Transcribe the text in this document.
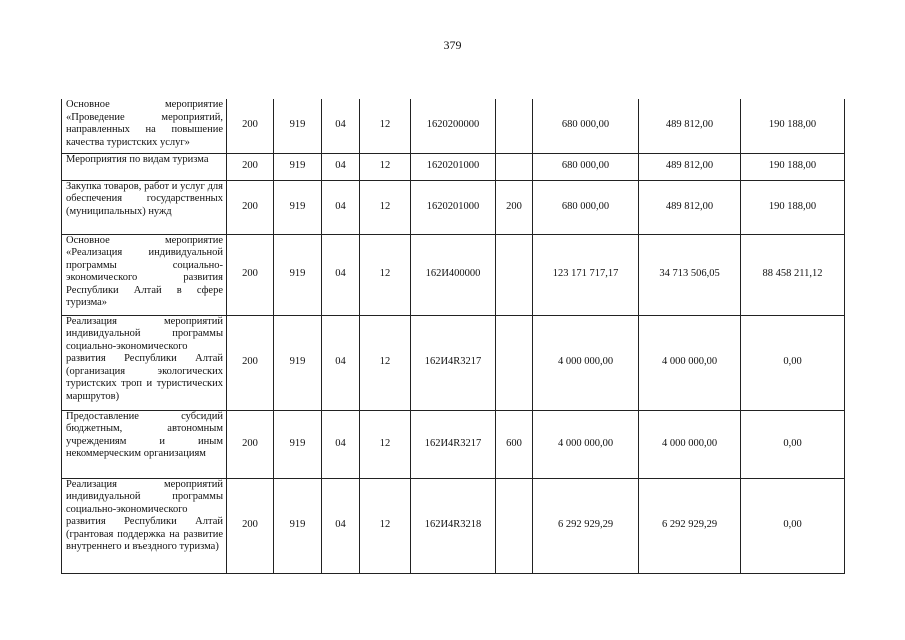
379
Основное мероприятие «Проведение мероприятий, направленных на повышение качества туристских услуг»	200	919	04	12	1620200000		680 000,00	489 812,00	190 188,00
Мероприятия по видам туризма	200	919	04	12	1620201000		680 000,00	489 812,00	190 188,00
Закупка товаров, работ и услуг для обеспечения государственных (муниципальных) нужд	200	919	04	12	1620201000	200	680 000,00	489 812,00	190 188,00
Основное мероприятие «Реализация индивидуальной программы социально-экономического развития Республики Алтай в сфере туризма»	200	919	04	12	162И400000		123 171 717,17	34 713 506,05	88 458 211,12
Реализация мероприятий индивидуальной программы социально-экономического развития Республики Алтай (организация экологических туристских троп и туристических маршрутов)	200	919	04	12	162И4R3217		4 000 000,00	4 000 000,00	0,00
Предоставление субсидий бюджетным, автономным учреждениям и иным некоммерческим организациям	200	919	04	12	162И4R3217	600	4 000 000,00	4 000 000,00	0,00
Реализация мероприятий индивидуальной программы социально-экономического развития Республики Алтай (грантовая поддержка на развитие внутреннего и въездного туризма)	200	919	04	12	162И4R3218		6 292 929,29	6 292 929,29	0,00
